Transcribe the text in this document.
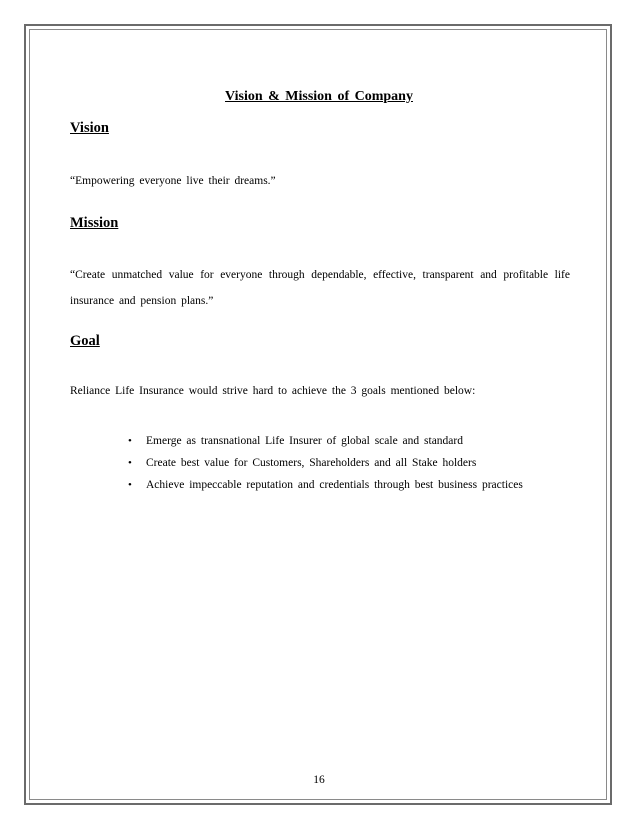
Vision & Mission of Company
Vision
“Empowering everyone live their dreams.”
Mission
“Create unmatched value for everyone through dependable, effective, transparent and profitable life insurance and pension plans.”
Goal
Reliance Life Insurance would strive hard to achieve the 3 goals mentioned below:
• Emerge as transnational Life Insurer of global scale and standard
• Create best value for Customers, Shareholders and all Stake holders
• Achieve impeccable reputation and credentials through best business practices
16
